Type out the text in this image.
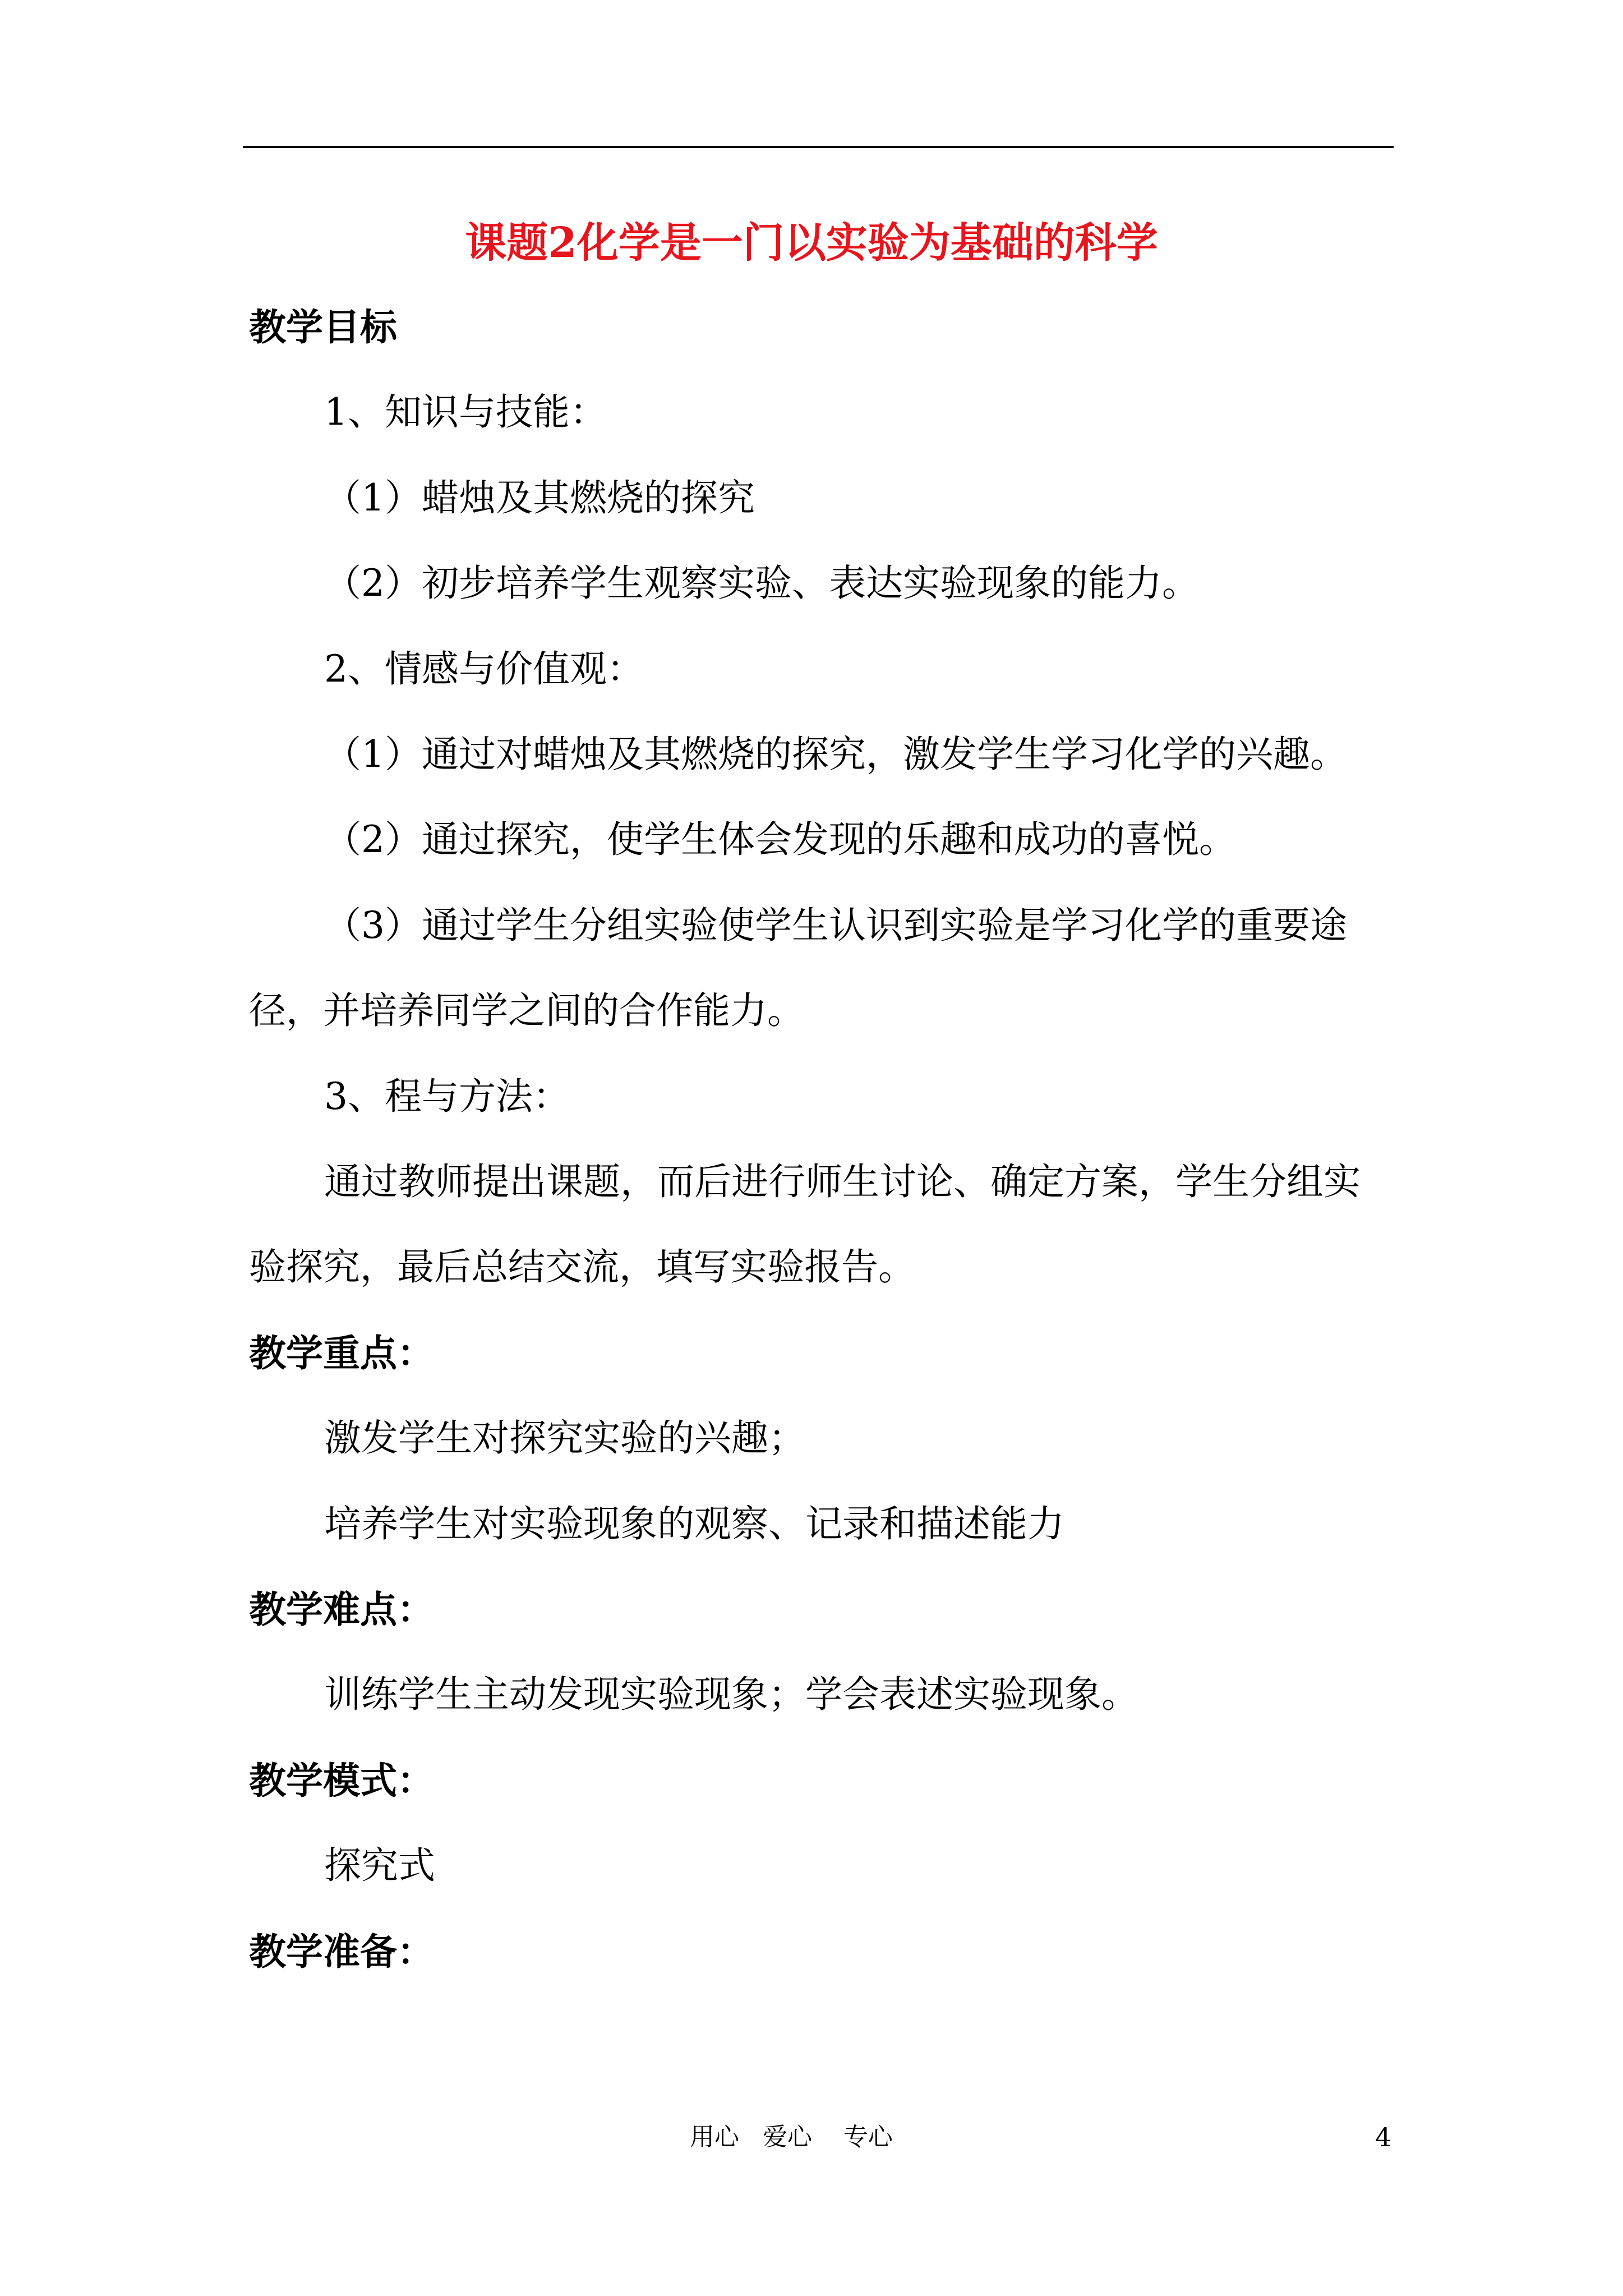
课题2化学是一门以实验为基础的科学
教学目标
1、知识与技能：
（1）蜡烛及其燃烧的探究
（2）初步培养学生观察实验、表达实验现象的能力。
2、情感与价值观：
（1）通过对蜡烛及其燃烧的探究，激发学生学习化学的兴趣。
（2）通过探究，使学生体会发现的乐趣和成功的喜悦。
（3）通过学生分组实验使学生认识到实验是学习化学的重要途
径，并培养同学之间的合作能力。
3、程与方法：
通过教师提出课题，而后进行师生讨论、确定方案，学生分组实
验探究，最后总结交流，填写实验报告。
教学重点：
激发学生对探究实验的兴趣；
培养学生对实验现象的观察、记录和描述能力
教学难点：
训练学生主动发现实验现象；学会表述实验现象。
教学模式：
探究式
教学准备：
用心   爱心    专心	4
